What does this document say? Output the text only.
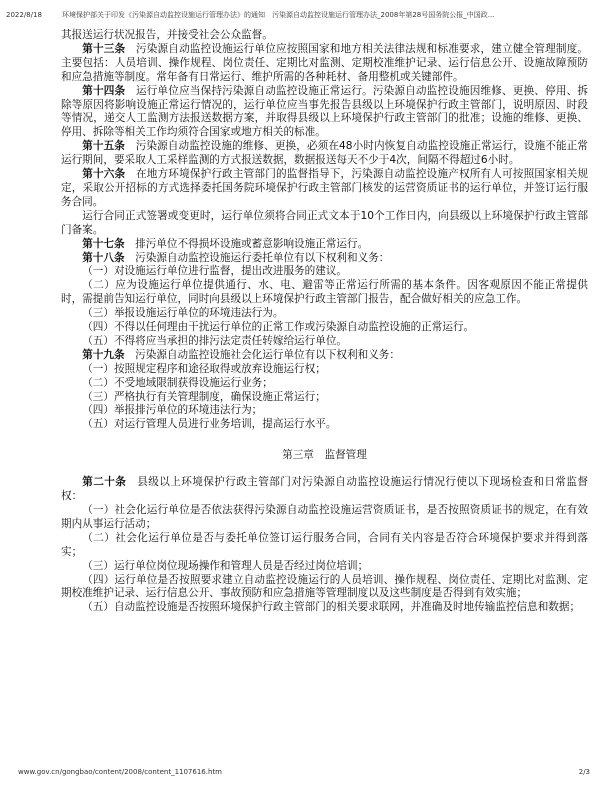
2022/8/18	环境保护部关于印发《污染源自动监控设施运行管理办法》的通知　污染源自动监控设施运行管理办法_2008年第28号国务院公报_中国政...

其报送运行状况报告，并接受社会公众监督。

第十三条　污染源自动监控设施运行单位应按照国家和地方相关法律法规和标准要求，建立健全管理制度。主要包括：人员培训、操作规程、岗位责任、定期比对监测、定期校准维护记录、运行信息公开、设施故障预防和应急措施等制度。常年备有日常运行、维护所需的各种耗材、备用整机或关键部件。

第十四条　运行单位应当保持污染源自动监控设施正常运行。污染源自动监控设施因维修、更换、停用、拆除等原因将影响设施正常运行情况的，运行单位应当事先报告县级以上环境保护行政主管部门，说明原因、时段等情况，递交人工监测方法报送数据方案，并取得县级以上环境保护行政主管部门的批准；设施的维修、更换、停用、拆除等相关工作均须符合国家或地方相关的标准。

第十五条　污染源自动监控设施的维修、更换，必须在48小时内恢复自动监控设施正常运行，设施不能正常运行期间，要采取人工采样监测的方式报送数据，数据报送每天不少于4次，间隔不得超过6小时。

第十六条　在地方环境保护行政主管部门的监督指导下，污染源自动监控设施产权所有人可按照国家相关规定，采取公开招标的方式选择委托国务院环境保护行政主管部门核发的运营资质证书的运行单位，并签订运行服务合同。

运行合同正式签署或变更时，运行单位须将合同正式文本于10个工作日内，向县级以上环境保护行政主管部门备案。

第十七条　排污单位不得损坏设施或蓄意影响设施正常运行。

第十八条　污染源自动监控设施运行委托单位有以下权利和义务：

（一）对设施运行单位进行监督，提出改进服务的建议。

（二）应为设施运行单位提供通行、水、电、避雷等正常运行所需的基本条件。因客观原因不能正常提供时，需提前告知运行单位，同时向县级以上环境保护行政主管部门报告，配合做好相关的应急工作。

（三）举报设施运行单位的环境违法行为。

（四）不得以任何理由干扰运行单位的正常工作或污染源自动监控设施的正常运行。

（五）不得将应当承担的排污法定责任转嫁给运行单位。

第十九条　污染源自动监控设施社会化运行单位有以下权利和义务：

（一）按照规定程序和途径取得或放弃设施运行权；

（二）不受地域限制获得设施运行业务；

（三）严格执行有关管理制度，确保设施正常运行；

（四）举报排污单位的环境违法行为；

（五）对运行管理人员进行业务培训，提高运行水平。

第三章　监督管理

第二十条　县级以上环境保护行政主管部门对污染源自动监控设施运行情况行使以下现场检查和日常监督权：

（一）社会化运行单位是否依法获得污染源自动监控设施运营资质证书，是否按照资质证书的规定，在有效期内从事运行活动；

（二）社会化运行单位是否与委托单位签订运行服务合同，合同有关内容是否符合环境保护要求并得到落实；

（三）运行单位岗位现场操作和管理人员是否经过岗位培训；

（四）运行单位是否按照要求建立自动监控设施运行的人员培训、操作规程、岗位责任、定期比对监测、定期校准维护记录、运行信息公开、事故预防和应急措施等管理制度以及这些制度是否得到有效实施；

（五）自动监控设施是否按照环境保护行政主管部门的相关要求联网，并准确及时地传输监控信息和数据；

www.gov.cn/gongbao/content/2008/content_1107616.htm	2/3
